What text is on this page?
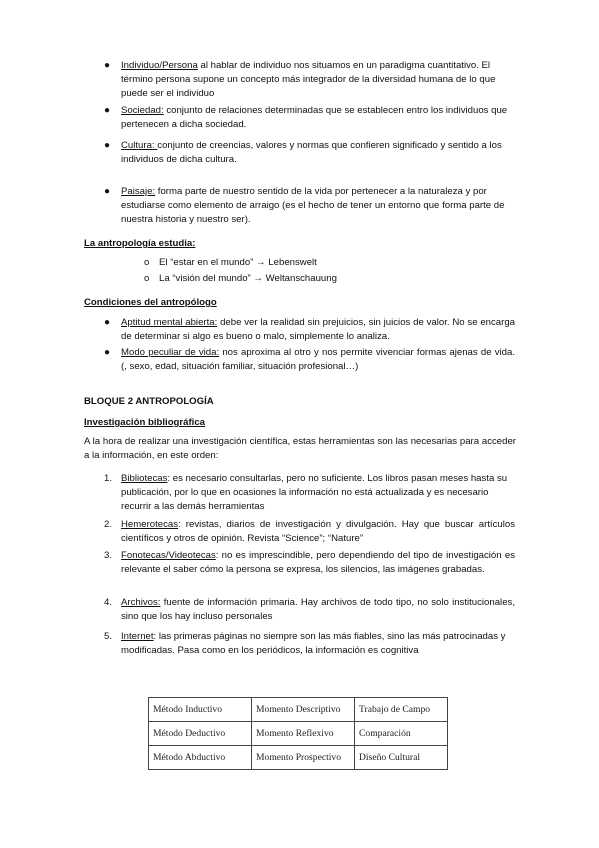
● Individuo/Persona al hablar de individuo nos situamos en un paradigma cuantitativo. El término persona supone un concepto más integrador de la diversidad humana de lo que puede ser el individuo
● Sociedad: conjunto de relaciones determinadas que se establecen entro los individuos que pertenecen a dicha sociedad.
● Cultura: conjunto de creencias, valores y normas que confieren significado y sentido a los individuos de dicha cultura.
● Paisaje: forma parte de nuestro sentido de la vida por pertenecer a la naturaleza y por estudiarse como elemento de arraigo (es el hecho de tener un entorno que forma parte de nuestra historia y nuestro ser).
La antropología estudia:
o El “estar en el mundo” → Lebenswelt
o La “visión del mundo” → Weltanschauung
Condiciones del antropólogo
● Aptitud mental abierta: debe ver la realidad sin prejuicios, sin juicios de valor. No se encarga de determinar si algo es bueno o malo, simplemente lo analiza.
● Modo peculiar de vida: nos aproxima al otro y nos permite vivenciar formas ajenas de vida. (, sexo, edad, situación familiar, situación profesional…)
BLOQUE 2 ANTROPOLOGÍA
Investigación bibliográfica
A la hora de realizar una investigación científica, estas herramientas son las necesarias para acceder a la información, en este orden:
1. Bibliotecas: es necesario consultarlas, pero no suficiente. Los libros pasan meses hasta su publicación, por lo que en ocasiones la información no está actualizada y es necesario recurrir a las demás herramientas
2. Hemerotecas: revistas, diarios de investigación y divulgación. Hay que buscar artículos científicos y otros de opinión. Revista “Science”; “Nature”
3. Fonotecas/Videotecas: no es imprescindible, pero dependiendo del tipo de investigación es relevante el saber cómo la persona se expresa, los silencios, las imágenes grabadas.
4. Archivos: fuente de información primaria. Hay archivos de todo tipo, no solo institucionales, sino que los hay incluso personales
5. Internet: las primeras páginas no siempre son las más fiables, sino las más patrocinadas y modificadas. Pasa como en los periódicos, la información es cognitiva
Método Inductivo	Momento Descriptivo	Trabajo de Campo
Método Deductivo	Momento Reflexivo	Comparación
Método Abductivo	Momento Prospectivo	Diseño Cultural
